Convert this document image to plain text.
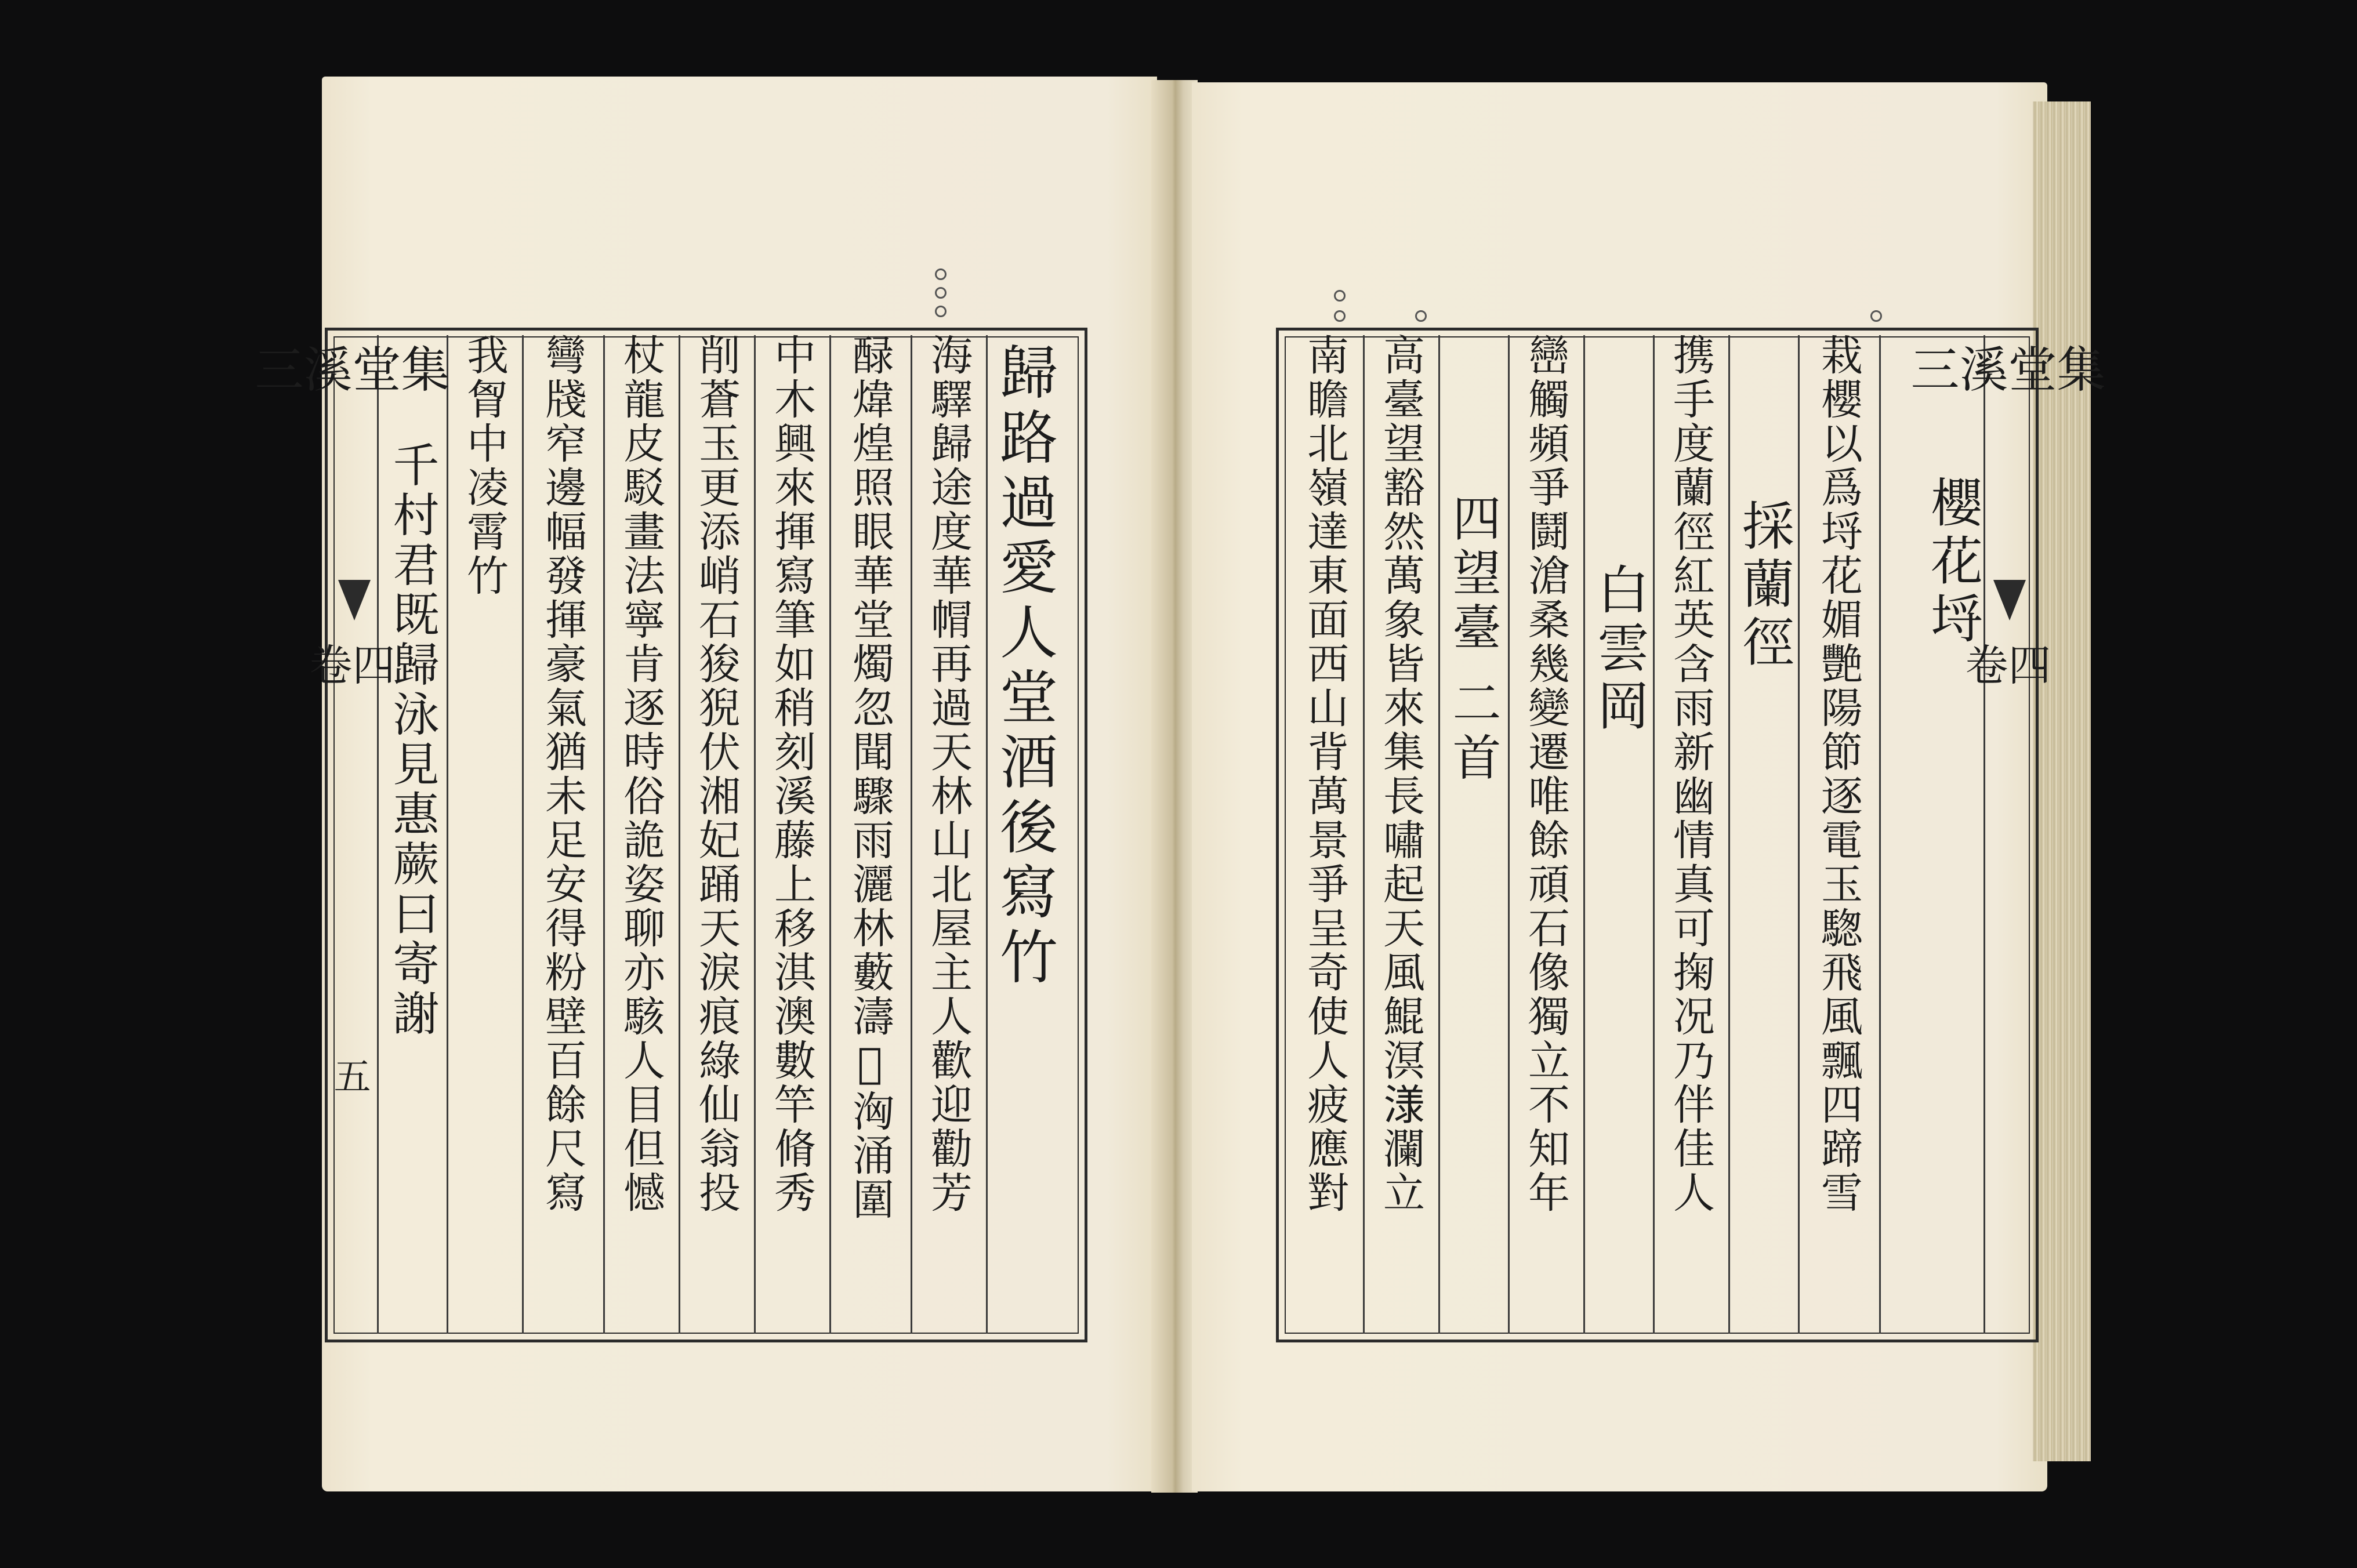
三溪堂集
卷四
五
歸路過愛人堂酒後寫竹
海驛歸途度華㡌再過天林山北屋主人歡迎勸芳
醁煒煌照眼華堂燭忽聞驟雨灑林藪濤𣿲洶涌圍
中木興來揮寫筆如稍刻溪藤上移淇澳數竿脩秀
削蒼玉更添峭石狻猊伏湘妃踊天淚痕綠仙翁投
杖龍皮駁畫法寧肯逐時俗詭姿聊亦駭人目但憾
彎牋窄邊幅發揮豪氣猶未足安得粉壁百餘尺寫
我胷中凌霄竹
千村君既歸泳見惠蕨曰寄謝
三溪堂集
卷四
櫻花埒
栽櫻以爲埒花媚艷陽節逐電玉騘飛風飄四蹄雪
採蘭徑
携手度蘭徑紅英含雨新幽情真可掬况乃伴佳人
白雲岡
巒觸頻爭鬪滄桑幾變遷唯餘頑石像獨立不知年
四望臺 二首
高臺望豁然萬象皆來集長嘯起天風鯤溟𣻌瀾立
南瞻北嶺達東面西山背萬景爭呈奇使人疲應對
